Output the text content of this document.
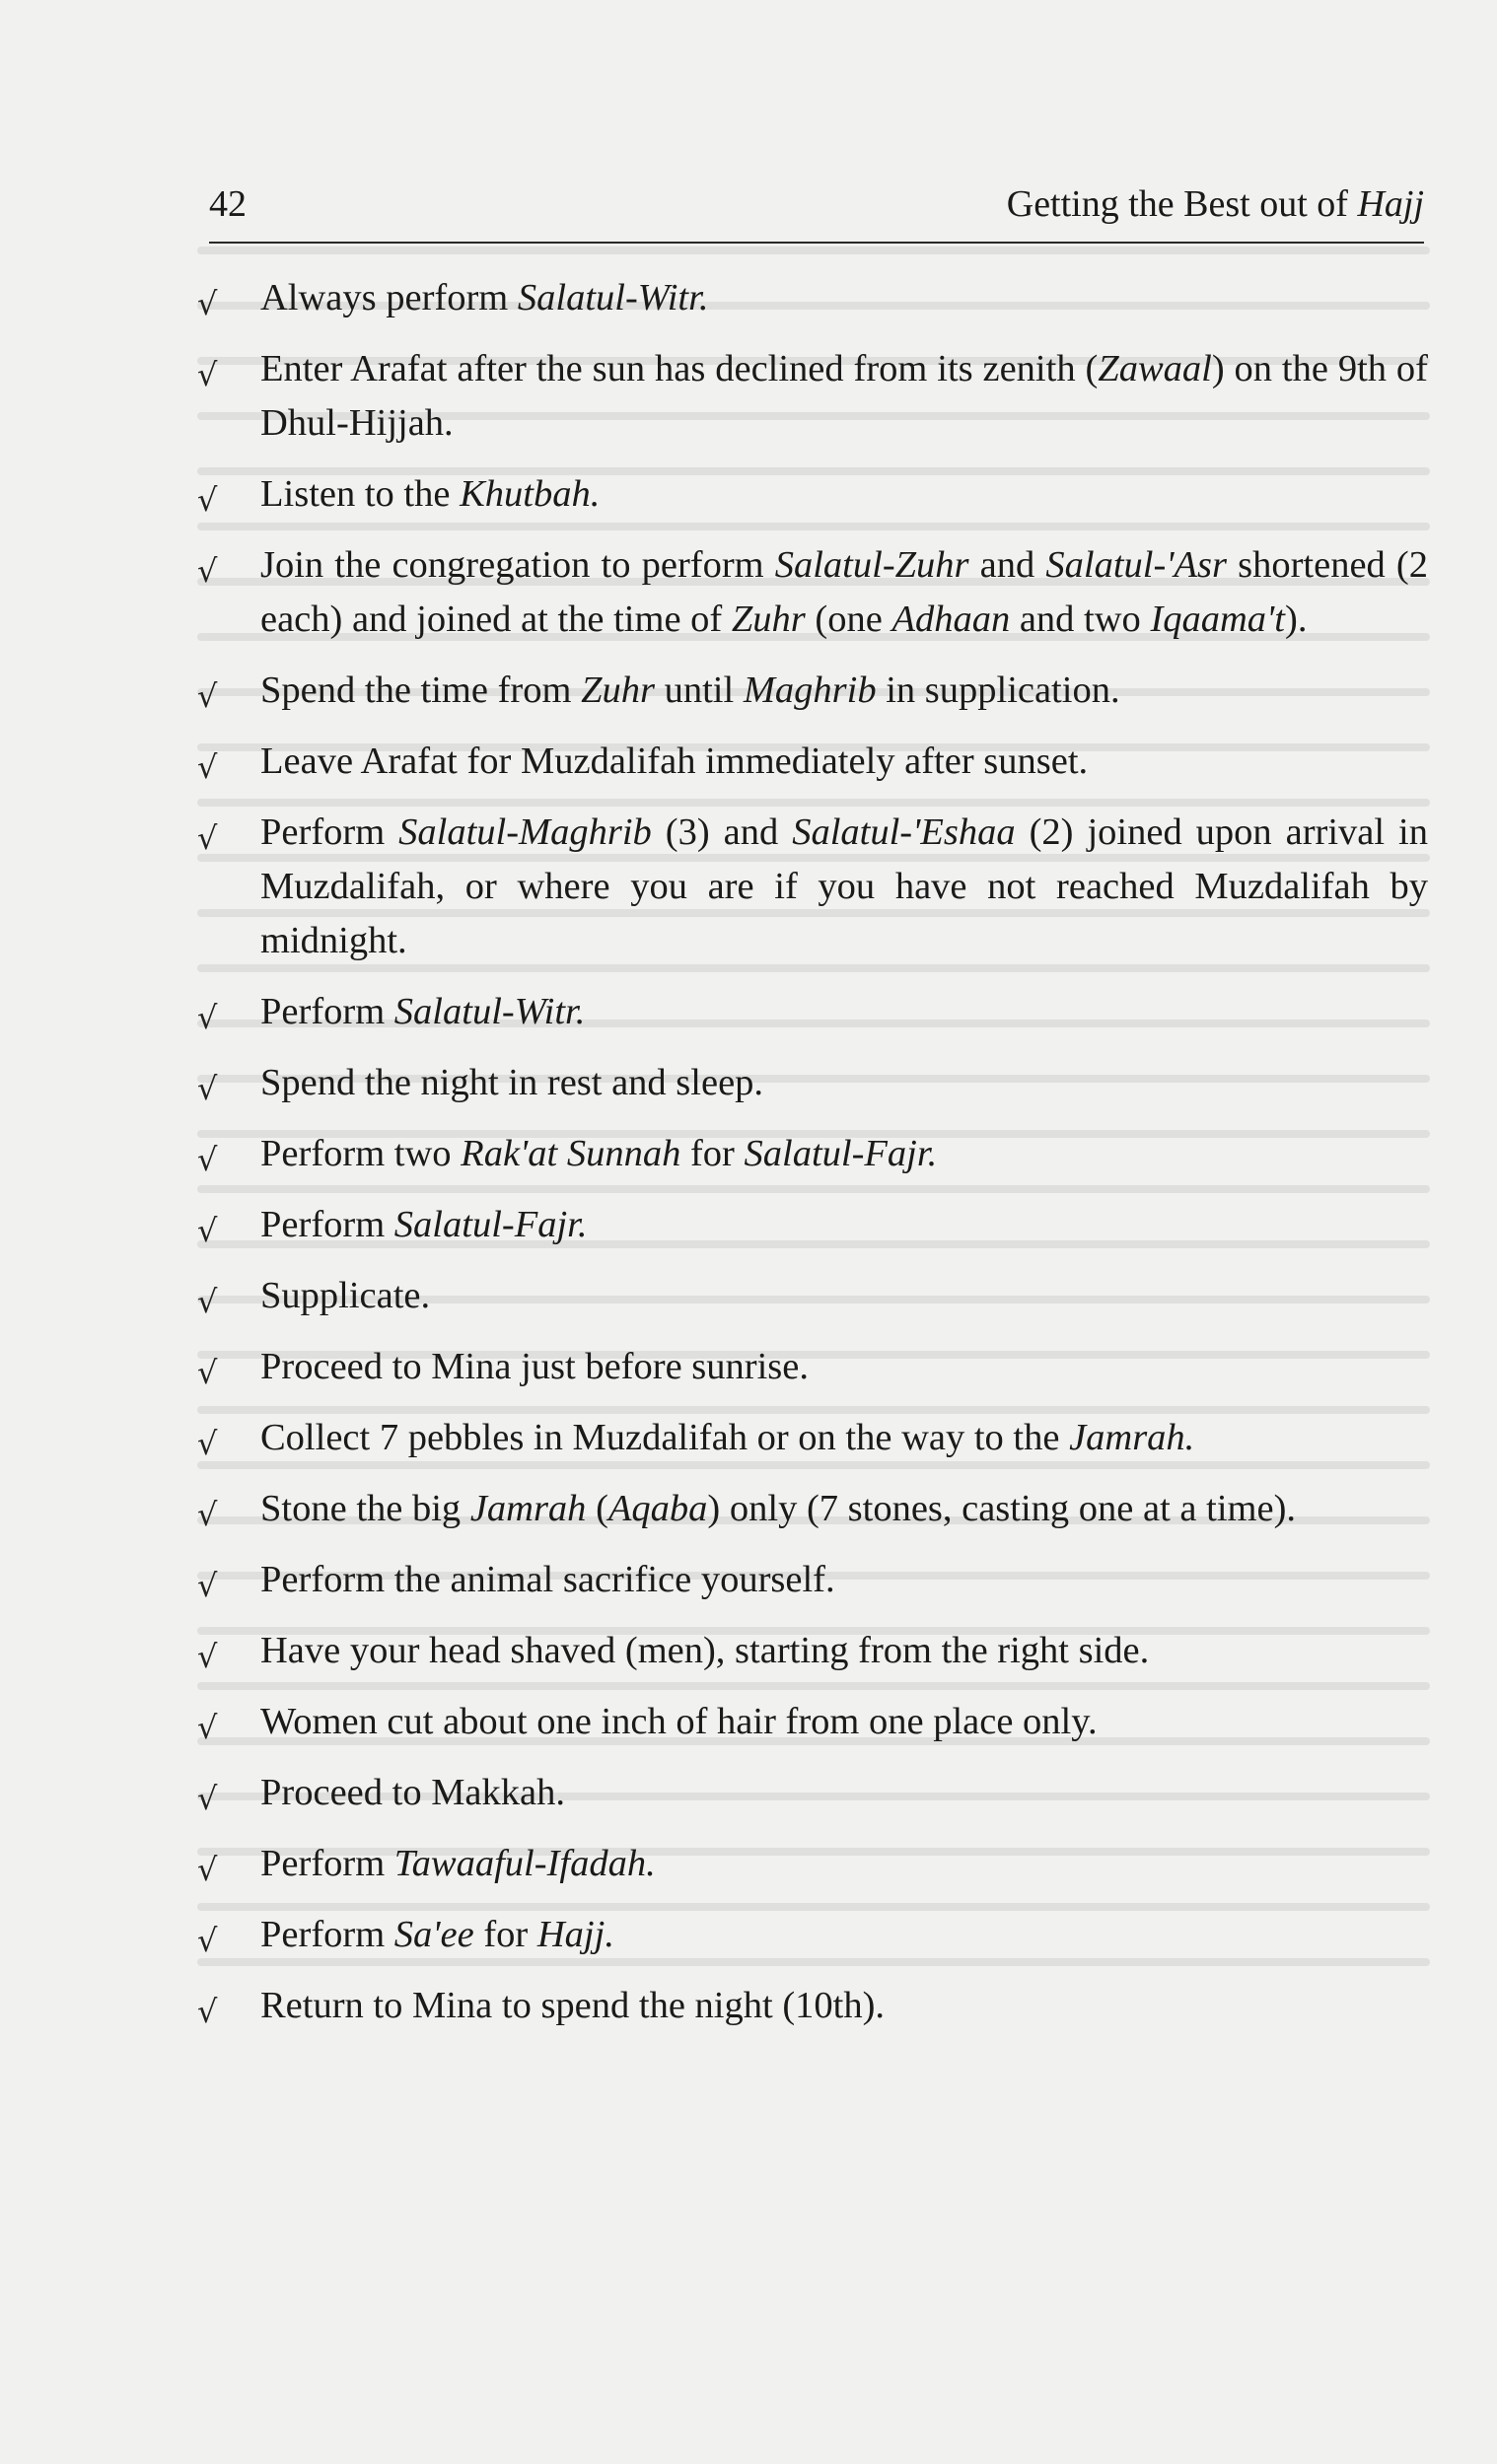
42	Getting the Best out of Hajj
√ Always perform Salatul-Witr.
√ Enter Arafat after the sun has declined from its zenith (Zawaal) on the 9th of Dhul-Hijjah.
√ Listen to the Khutbah.
√ Join the congregation to perform Salatul-Zuhr and Salatul-'Asr shortened (2 each) and joined at the time of Zuhr (one Adhaan and two Iqaama't).
√ Spend the time from Zuhr until Maghrib in supplication.
√ Leave Arafat for Muzdalifah immediately after sunset.
√ Perform Salatul-Maghrib (3) and Salatul-'Eshaa (2) joined upon arrival in Muzdalifah, or where you are if you have not reached Muzdalifah by midnight.
√ Perform Salatul-Witr.
√ Spend the night in rest and sleep.
√ Perform two Rak'at Sunnah for Salatul-Fajr.
√ Perform Salatul-Fajr.
√ Supplicate.
√ Proceed to Mina just before sunrise.
√ Collect 7 pebbles in Muzdalifah or on the way to the Jamrah.
√ Stone the big Jamrah (Aqaba) only (7 stones, casting one at a time).
√ Perform the animal sacrifice yourself.
√ Have your head shaved (men), starting from the right side.
√ Women cut about one inch of hair from one place only.
√ Proceed to Makkah.
√ Perform Tawaaful-Ifadah.
√ Perform Sa'ee for Hajj.
√ Return to Mina to spend the night (10th).
